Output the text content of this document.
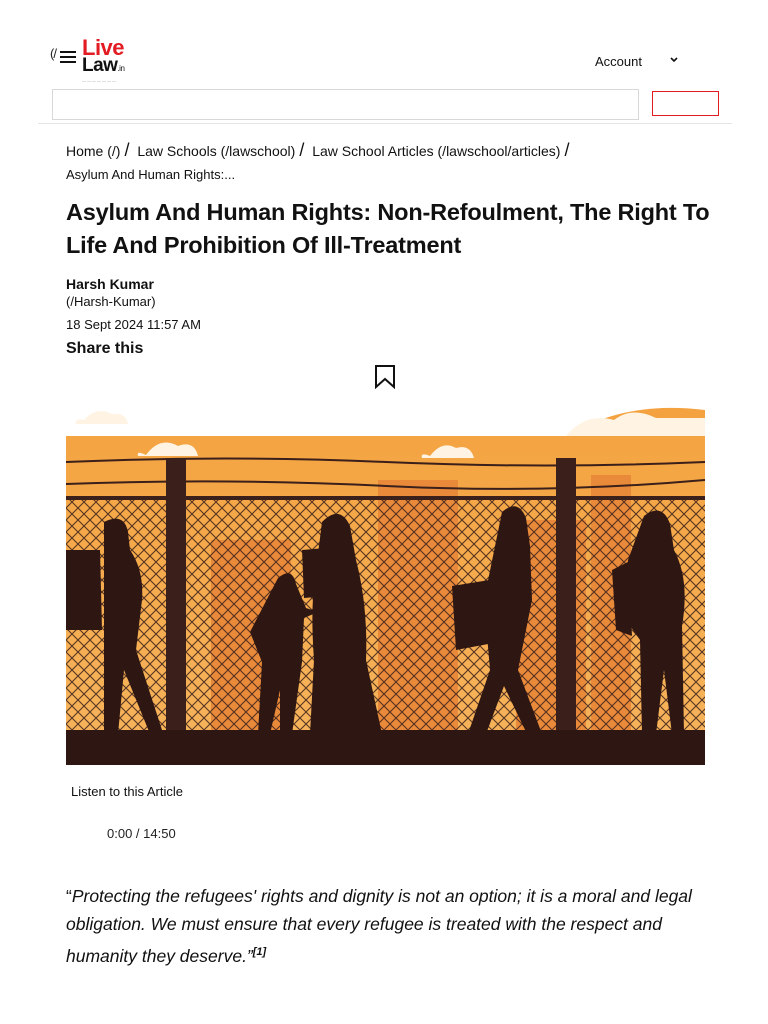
(/ Live
Law.in
———————
Account
Home (/) / Law Schools (/lawschool) / Law School Articles (/lawschool/articles) /
Asylum And Human Rights:...
Asylum And Human Rights: Non-Refoulment, The Right To Life And Prohibition Of Ill-Treatment
Harsh Kumar
(/Harsh-Kumar)
18 Sept 2024 11:57 AM
Share this
Listen to this Article
0:00 / 14:50
“Protecting the refugees' rights and dignity is not an option; it is a moral and legal obligation. We must ensure that every refugee is treated with the respect and humanity they deserve.”[1]
